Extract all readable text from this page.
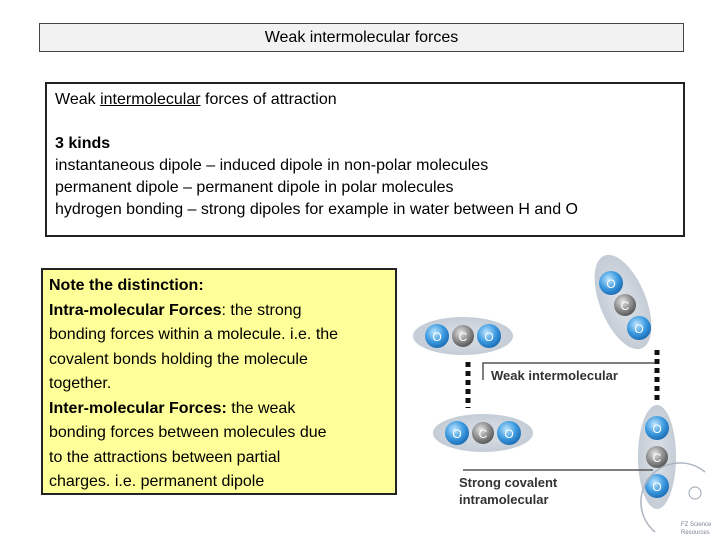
Weak intermolecular forces
Weak intermolecular forces of attraction
3 kinds
instantaneous dipole – induced dipole in non-polar molecules
permanent dipole – permanent dipole in polar molecules
hydrogen bonding – strong dipoles for example in water between H and O
Note the distinction:
Intra-molecular Forces: the strong
bonding forces within a molecule. i.e. the
covalent bonds holding the molecule
together.
Inter-molecular Forces: the weak
bonding forces between molecules due
to the attractions between partial
charges. i.e. permanent dipole
O
C
O
O C O
O C O	O
C
O
Weak intermolecular
Strong covalent
intramolecular
FZ Science
Resources
